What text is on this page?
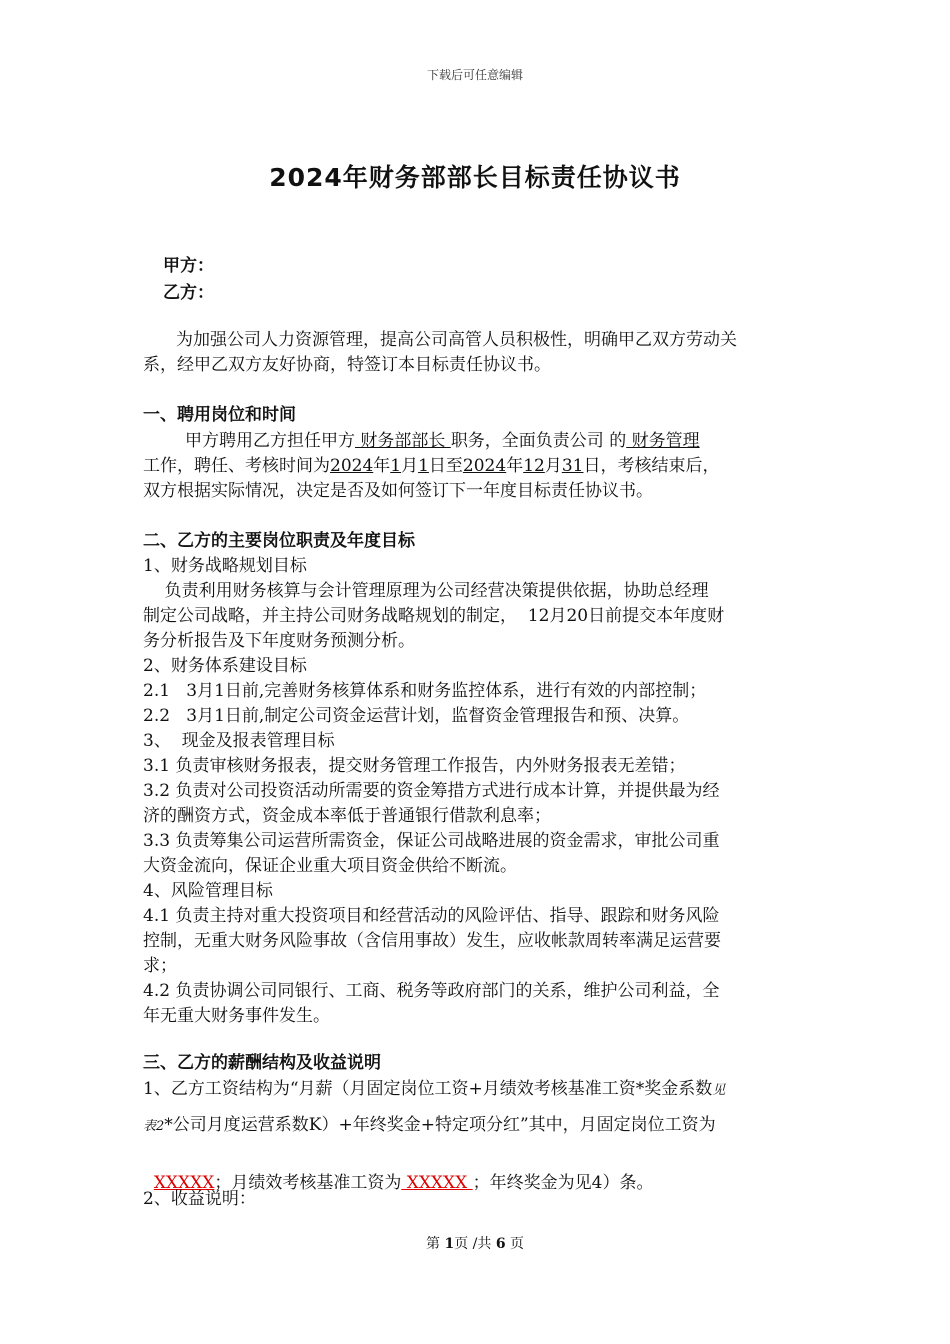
下载后可任意编辑
2024年财务部部长目标责任协议书
甲方：
乙方：
为加强公司人力资源管理，提高公司高管人员积极性，明确甲乙双方劳动关
系，经甲乙双方友好协商，特签订本目标责任协议书。
一、聘用岗位和时间
甲方聘用乙方担任甲方 财务部部长 职务，全面负责公司 的 财务管理
工作，聘任、考核时间为2024年1月1日至2024年12月31日，考核结束后，
双方根据实际情况，决定是否及如何签订下一年度目标责任协议书。
二、乙方的主要岗位职责及年度目标
1、财务战略规划目标
负责利用财务核算与会计管理原理为公司经营决策提供依据，协助总经理
制定公司战略，并主持公司财务战略规划的制定，  12月20日前提交本年度财
务分析报告及下年度财务预测分析。
2、财务体系建设目标
2.1   3月1日前,完善财务核算体系和财务监控体系，进行有效的内部控制；
2.2   3月1日前,制定公司资金运营计划，监督资金管理报告和预、决算。
3、  现金及报表管理目标
3.1 负责审核财务报表，提交财务管理工作报告，内外财务报表无差错；
3.2 负责对公司投资活动所需要的资金筹措方式进行成本计算，并提供最为经
济的酬资方式，资金成本率低于普通银行借款利息率；
3.3 负责筹集公司运营所需资金，保证公司战略进展的资金需求，审批公司重
大资金流向，保证企业重大项目资金供给不断流。
4、风险管理目标
4.1 负责主持对重大投资项目和经营活动的风险评估、指导、跟踪和财务风险
控制，无重大财务风险事故（含信用事故）发生，应收帐款周转率满足运营要
求；
4.2 负责协调公司同银行、工商、税务等政府部门的关系，维护公司利益，全
年无重大财务事件发生。
三、乙方的薪酬结构及收益说明
1、乙方工资结构为“月薪（月固定岗位工资+月绩效考核基准工资*奖金系数见
表2*公司月度运营系数K）+年终奖金+特定项分红”其中，月固定岗位工资为

XXXXX；月绩效考核基准工资为 XXXXX ；年终奖金为见4）条。

2、收益说明：
第 1页 /共 6 页
